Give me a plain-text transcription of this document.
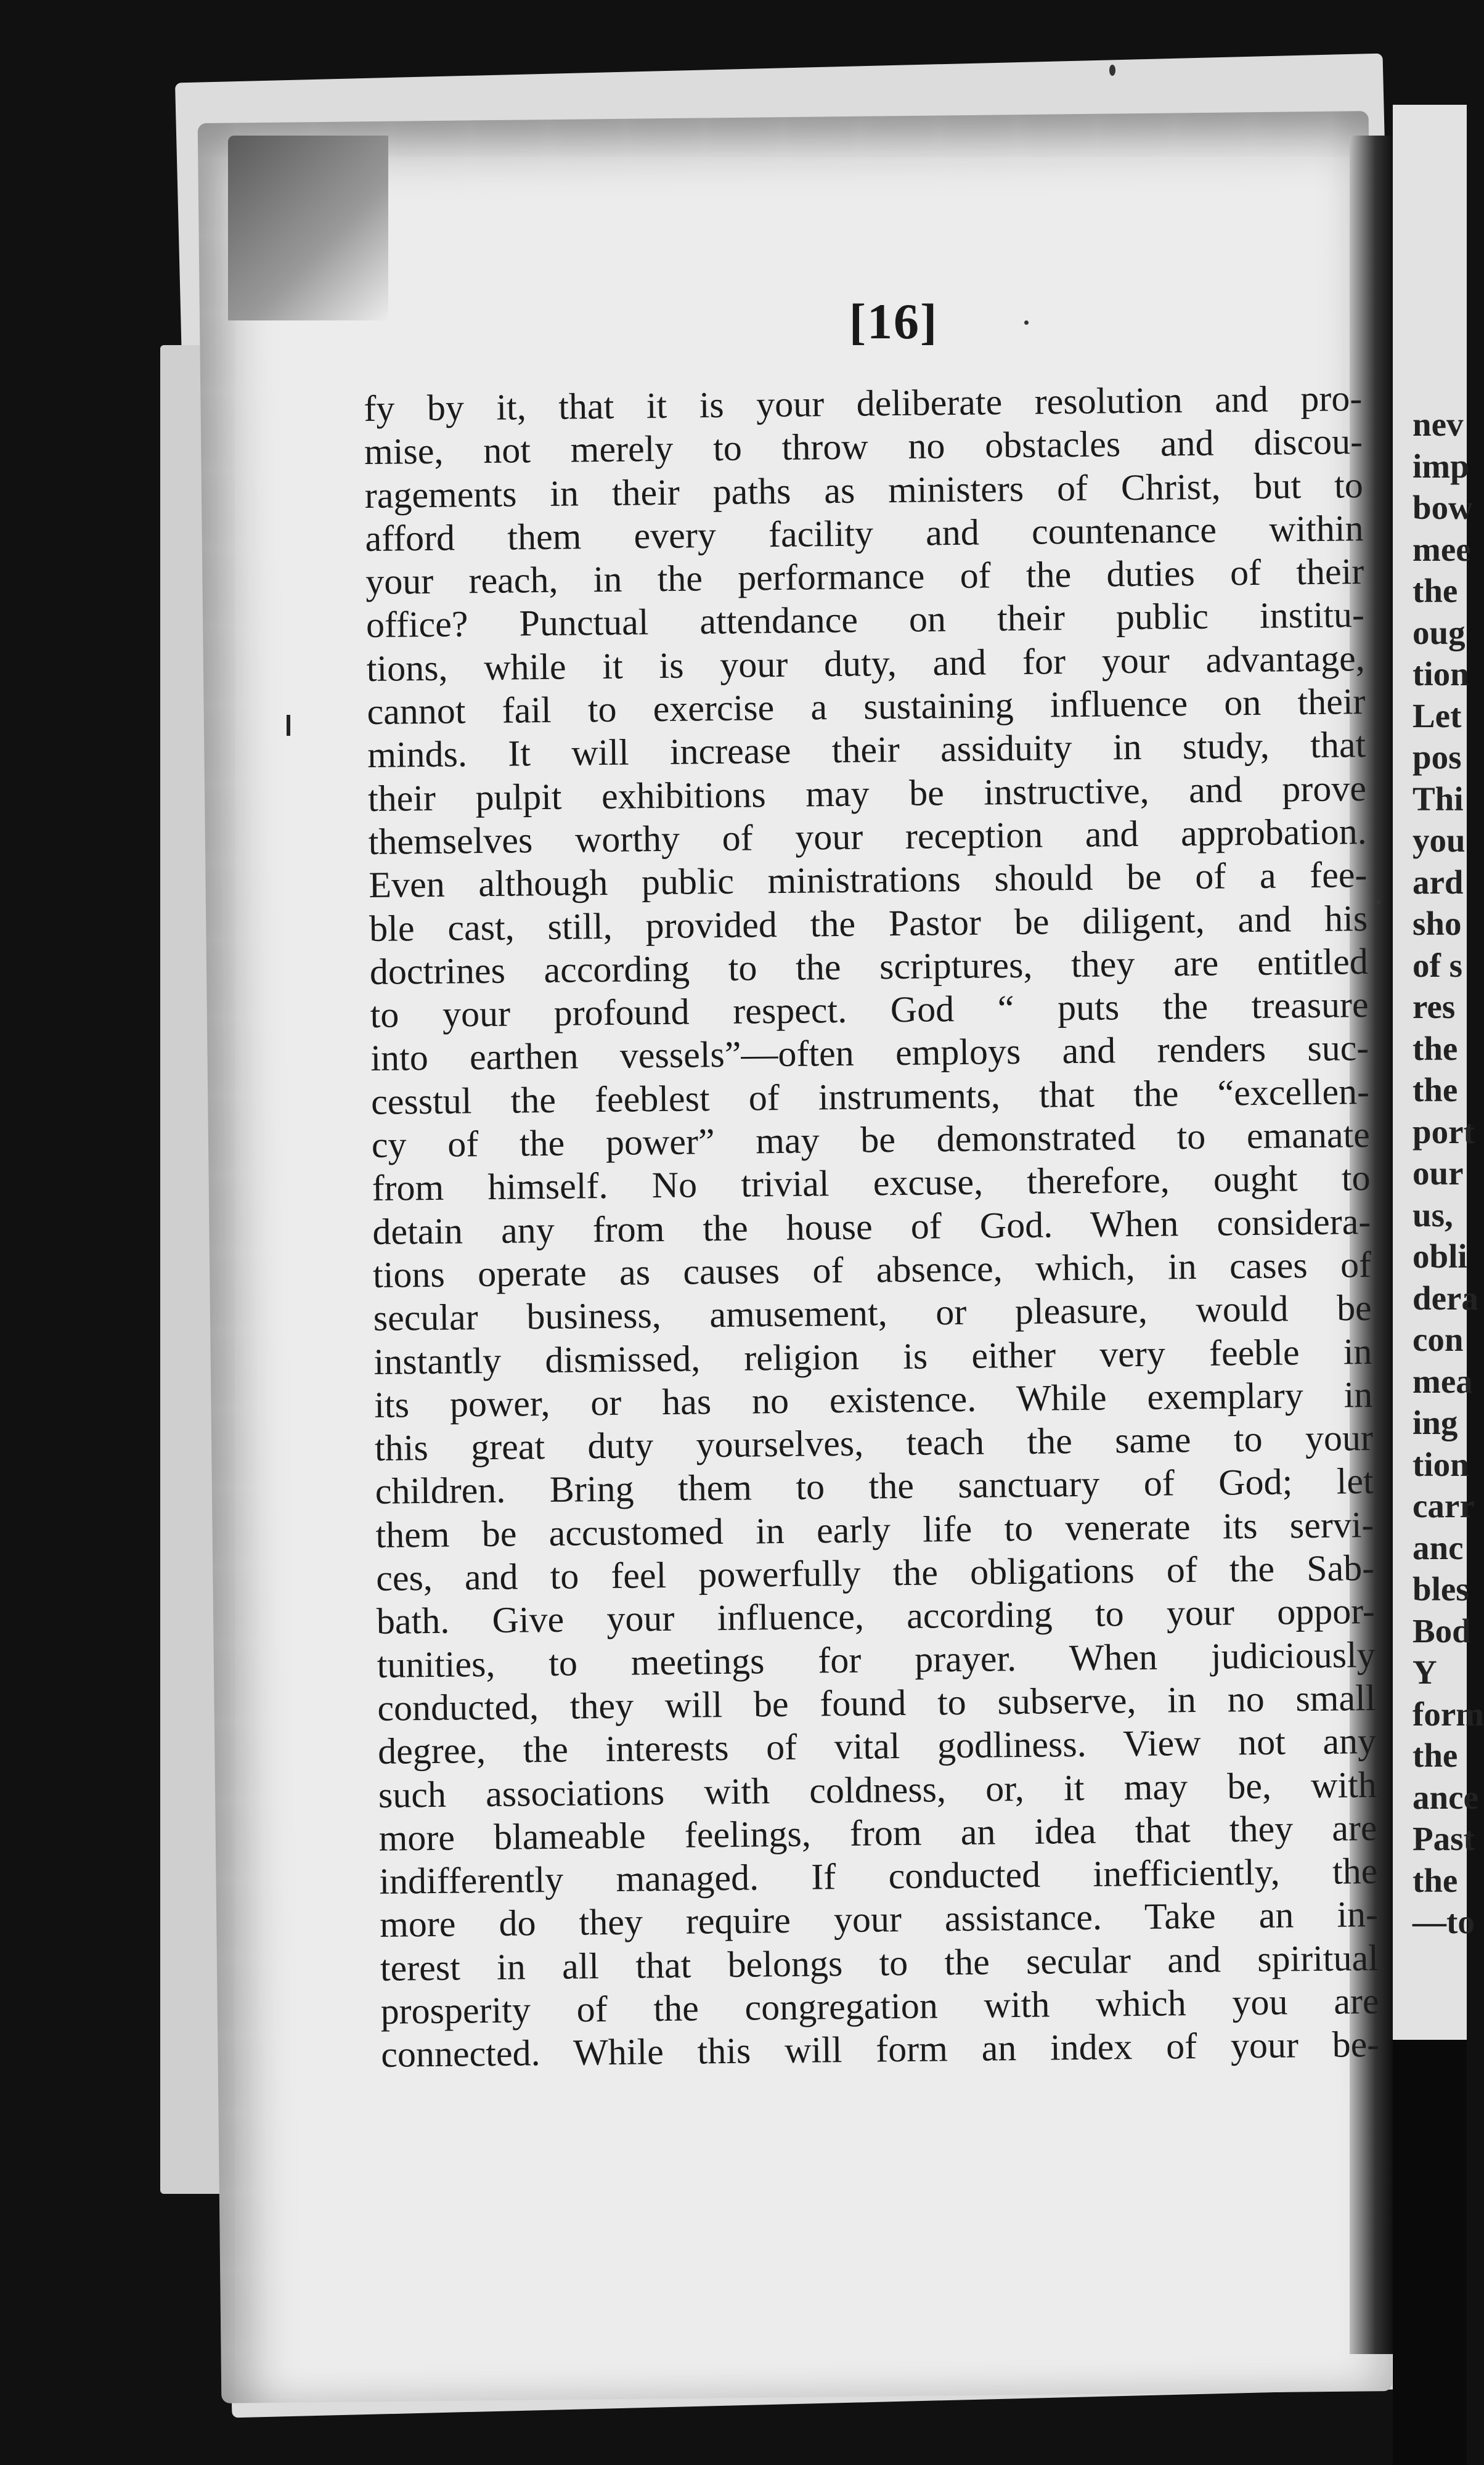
nev
imp
bow
mee
the
oug
tion
Let
pos
Thi
you
ard
sho
of s
res
the
the
port
our
us,
obli
dera
con
mea
ing
tion
carr
anc
bles
Bod
Y
form
the
ance
Past
the
—to
[16]
fy by it, that it is your deliberate resolution and pro-
mise, not merely to throw no obstacles and discou-
ragements in their paths as ministers of Christ, but to
afford them every facility and countenance within
your reach, in the performance of the duties of their
office? Punctual attendance on their public institu-
tions, while it is your duty, and for your advantage,
cannot fail to exercise a sustaining influence on their
minds. It will increase their assiduity in study, that
their pulpit exhibitions may be instructive, and prove
themselves worthy of your reception and approbation.
Even although public ministrations should be of a fee-
ble cast, still, provided the Pastor be diligent, and his
doctrines according to the scriptures, they are entitled
to your profound respect. God “ puts the treasure
into earthen vessels”—often employs and renders suc-
cesstul the feeblest of instruments, that the “excellen-
cy of the power” may be demonstrated to emanate
from himself. No trivial excuse, therefore, ought to
detain any from the house of God. When considera-
tions operate as causes of absence, which, in cases of
secular business, amusement, or pleasure, would be
instantly dismissed, religion is either very feeble in
its power, or has no existence. While exemplary in
this great duty yourselves, teach the same to your
children. Bring them to the sanctuary of God; let
them be accustomed in early life to venerate its servi-
ces, and to feel powerfully the obligations of the Sab-
bath. Give your influence, according to your oppor-
tunities, to meetings for prayer. When judiciously
conducted, they will be found to subserve, in no small
degree, the interests of vital godliness. View not any
such associations with coldness, or, it may be, with
more blameable feelings, from an idea that they are
indifferently managed. If conducted inefficiently, the
more do they require your assistance. Take an in-
terest in all that belongs to the secular and spiritual
prosperity of the congregation with which you are
connected. While this will form an index of your be-
